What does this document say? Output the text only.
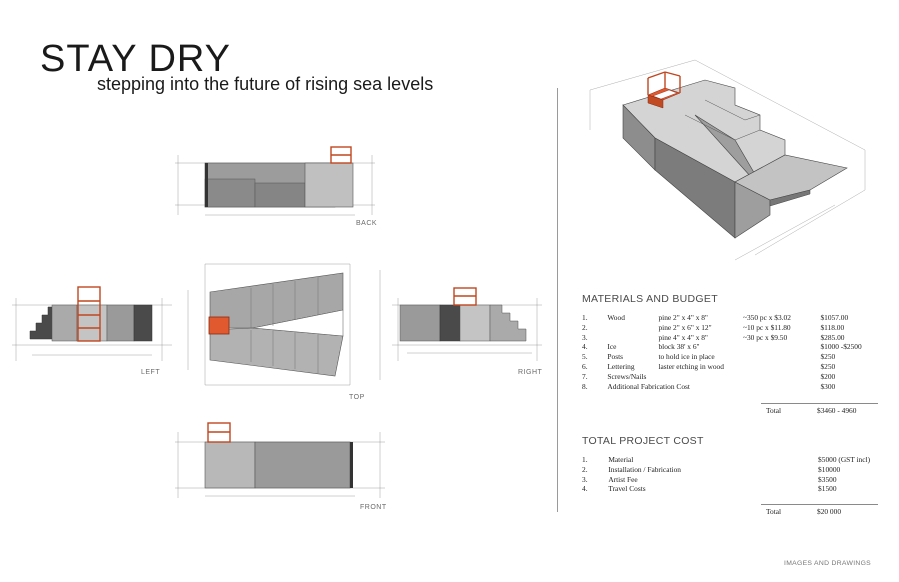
STAY DRY
stepping into the future of rising sea levels
BACK
LEFT
TOP
RIGHT
FRONT
MATERIALS AND BUDGET
1.	Wood	pine 2" x 4" x 8"	~350 pc x $3.02	$1057.00
2.		pine 2" x 6" x 12"	~10 pc x $11.80	$118.00
3.		pine 4" x 4" x 8"	~30 pc x $9.50	$285.00
4.	Ice	block 38' x 6"		$1000 -$2500
5.	Posts	to hold ice in place		$250
6.	Lettering	laster etching in wood		$250
7.	Screws/Nails			$200
8.	Additional Fabrication Cost			$300
Total	$3460 - 4960
TOTAL PROJECT COST
1.	Material	$5000 (GST incl)
2.	Installation / Fabrication	$10000
3.	Artist Fee	$3500
4.	Travel Costs	$1500
Total	$20 000
IMAGES AND DRAWINGS
